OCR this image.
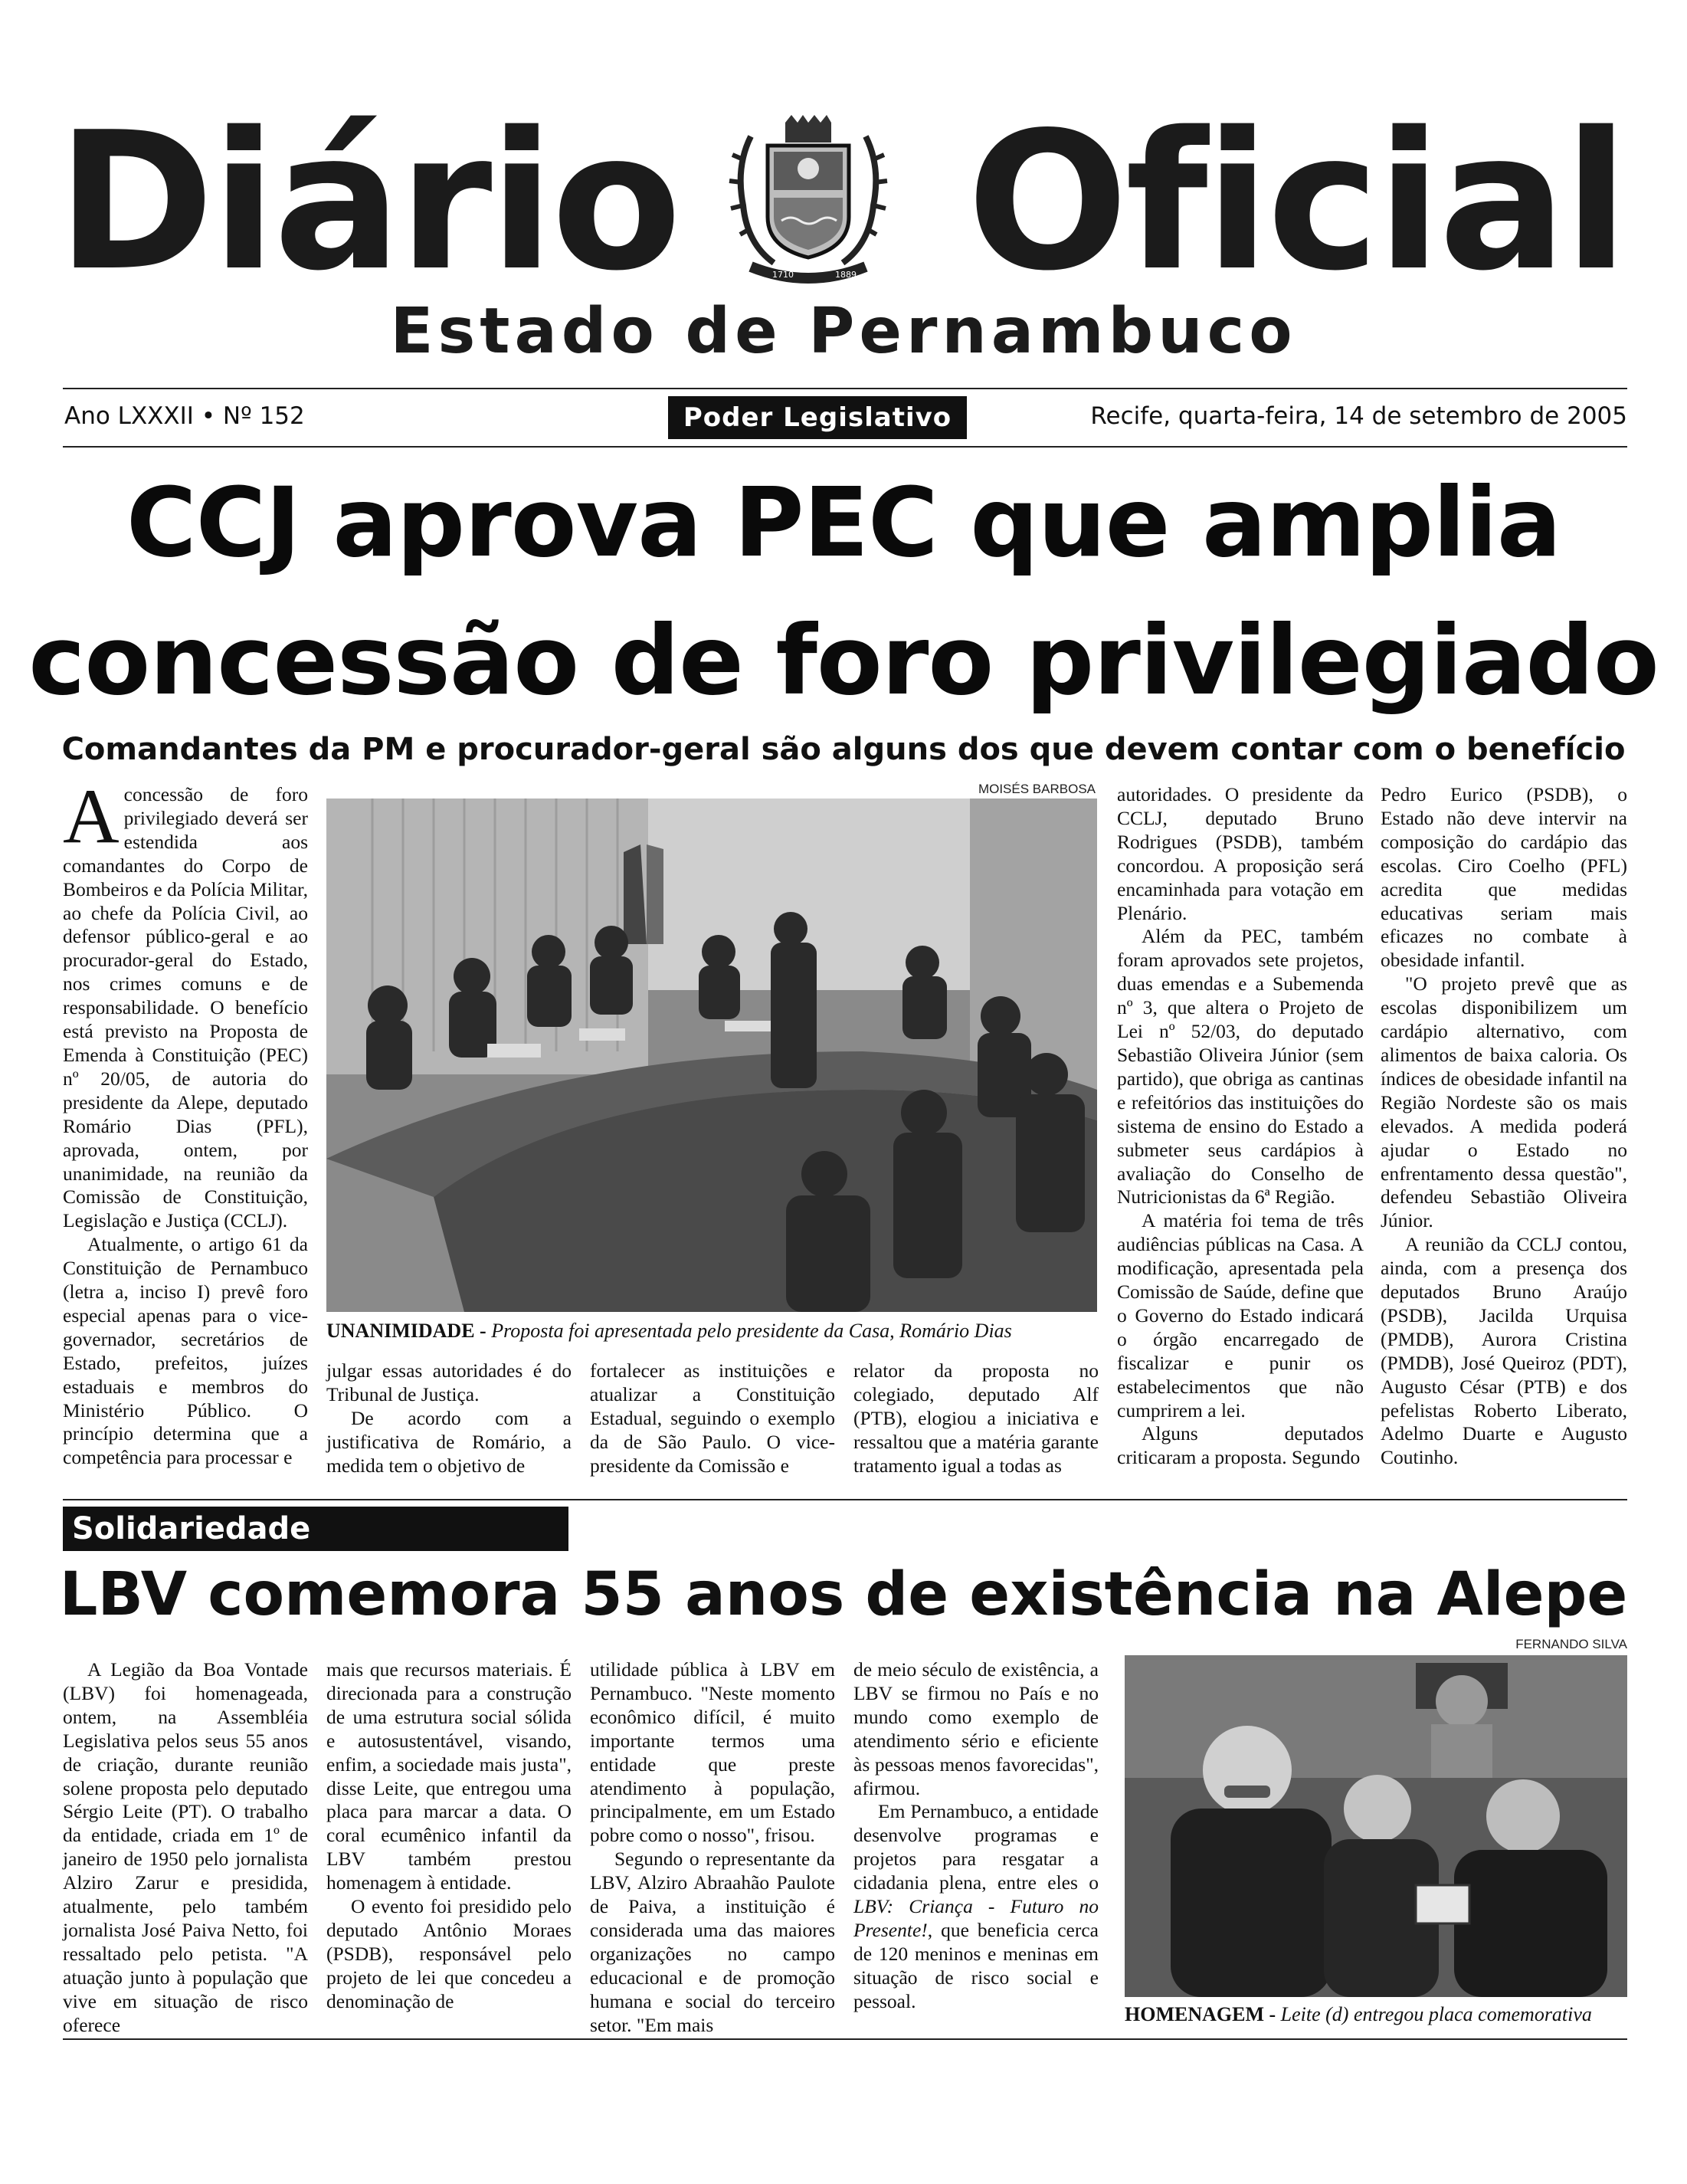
Diário	1710	1889 Oficial
Estado de Pernambuco
Ano LXXXII • Nº 152	Poder Legislativo	Recife, quarta-feira, 14 de setembro de 2005
CCJ aprova PEC que amplia
concessão de foro privilegiado
Comandantes da PM e procurador-geral são alguns dos que devem contar com o benefício

Aconcessão de foro privilegiado deverá ser estendida aos comandantes do Corpo de Bombeiros e da Polícia Militar, ao chefe da Polícia Civil, ao defensor público-geral e ao procurador-geral do Estado, nos crimes comuns e de responsabilidade. O benefício está previsto na Proposta de Emenda à Constituição (PEC) nº 20/05, de autoria do presidente da Alepe, deputado Romário Dias (PFL), aprovada, ontem, por unanimidade, na reunião da Comissão de Constituição, Legislação e Justiça (CCLJ).

Atualmente, o artigo 61 da Constituição de Pernambuco (letra a, inciso I) prevê foro especial apenas para o vice-governador, secretários de Estado, prefeitos, juízes estaduais e membros do Ministério Público. O princípio determina que a competência para processar e

MOISÉS BARBOSA
UNANIMIDADE - Proposta foi apresentada pelo presidente da Casa, Romário Dias

julgar essas autoridades é do Tribunal de Justiça.

De acordo com a justificativa de Romário, a medida tem o objetivo de

fortalecer as instituições e atualizar a Constituição Estadual, seguindo o exemplo da de São Paulo. O vice-presidente da Comissão e

relator da proposta no colegiado, deputado Alf (PTB), elogiou a iniciativa e ressaltou que a matéria garante tratamento igual a todas as

autoridades. O presidente da CCLJ, deputado Bruno Rodrigues (PSDB), também concordou. A proposição será encaminhada para votação em Plenário.

Além da PEC, também foram aprovados sete projetos, duas emendas e a Subemenda nº 3, que altera o Projeto de Lei nº 52/03, do deputado Sebastião Oliveira Júnior (sem partido), que obriga as cantinas e refeitórios das instituições do sistema de ensino do Estado a submeter seus cardápios à avaliação do Conselho de Nutricionistas da 6ª Região.

A matéria foi tema de três audiências públicas na Casa. A modificação, apresentada pela Comissão de Saúde, define que o Governo do Estado indicará o órgão encarregado de fiscalizar e punir os estabelecimentos que não cumprirem a lei.

Alguns deputados criticaram a proposta. Segundo

Pedro Eurico (PSDB), o Estado não deve intervir na composição do cardápio das escolas. Ciro Coelho (PFL) acredita que medidas educativas seriam mais eficazes no combate à obesidade infantil.

"O projeto prevê que as escolas disponibilizem um cardápio alternativo, com alimentos de baixa caloria. Os índices de obesidade infantil na Região Nordeste são os mais elevados. A medida poderá ajudar o Estado no enfrentamento dessa questão", defendeu Sebastião Oliveira Júnior.

A reunião da CCLJ contou, ainda, com a presença dos deputados Bruno Araújo (PSDB), Jacilda Urquisa (PMDB), Aurora Cristina (PMDB), José Queiroz (PDT), Augusto César (PTB) e dos pefelistas Roberto Liberato, Adelmo Duarte e Augusto Coutinho.

Solidariedade
LBV comemora 55 anos de existência na Alepe

A Legião da Boa Vontade (LBV) foi homenageada, ontem, na Assembléia Legislativa pelos seus 55 anos de criação, durante reunião solene proposta pelo deputado Sérgio Leite (PT). O trabalho da entidade, criada em 1º de janeiro de 1950 pelo jornalista Alziro Zarur e presidida, atualmente, pelo também jornalista José Paiva Netto, foi ressaltado pelo petista. "A atuação junto à população que vive em situação de risco oferece

mais que recursos materiais. É direcionada para a construção de uma estrutura social sólida e autosustentável, visando, enfim, a sociedade mais justa", disse Leite, que entregou uma placa para marcar a data. O coral ecumênico infantil da LBV também prestou homenagem à entidade.

O evento foi presidido pelo deputado Antônio Moraes (PSDB), responsável pelo projeto de lei que concedeu a denominação de

utilidade pública à LBV em Pernambuco. "Neste momento econômico difícil, é muito importante termos uma entidade que preste atendimento à população, principalmente, em um Estado pobre como o nosso", frisou.

Segundo o representante da LBV, Alziro Abraahão Paulote de Paiva, a instituição é considerada uma das maiores organizações no campo educacional e de promoção humana e social do terceiro setor. "Em mais

de meio século de existência, a LBV se firmou no País e no mundo como exemplo de atendimento sério e eficiente às pessoas menos favorecidas", afirmou.

Em Pernambuco, a entidade desenvolve programas e projetos para resgatar a cidadania plena, entre eles o LBV: Criança - Futuro no Presente!, que beneficia cerca de 120 meninos e meninas em situação de risco social e pessoal.

FERNANDO SILVA
HOMENAGEM - Leite (d) entregou placa comemorativa
